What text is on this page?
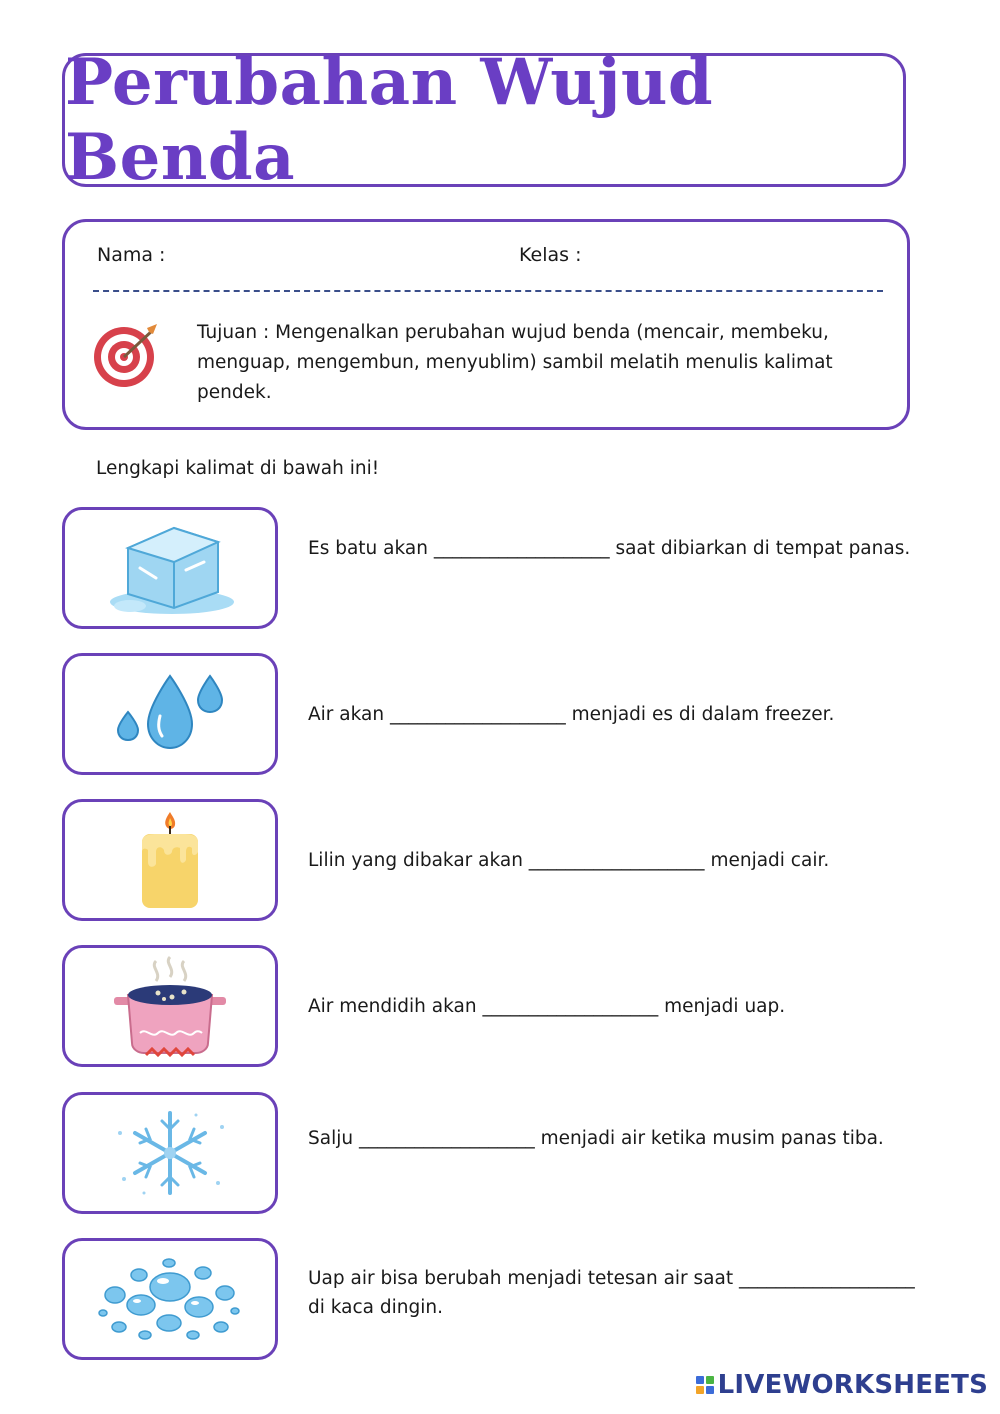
Perubahan Wujud Benda
Nama :	Kelas :
Tujuan : Mengenalkan perubahan wujud benda (mencair, membeku, menguap, mengembun, menyublim) sambil melatih menulis kalimat pendek.
Lengkapi kalimat di bawah ini!
Es batu akan ___________________ saat dibiarkan di tempat panas.
Air akan ___________________ menjadi es di dalam freezer.
Lilin yang dibakar akan ___________________ menjadi cair.
Air mendidih akan ___________________ menjadi uap.
Salju ___________________ menjadi air ketika musim panas tiba.
Uap air bisa berubah menjadi tetesan air saat ___________________ di kaca dingin.
LIVEWORKSHEETS
